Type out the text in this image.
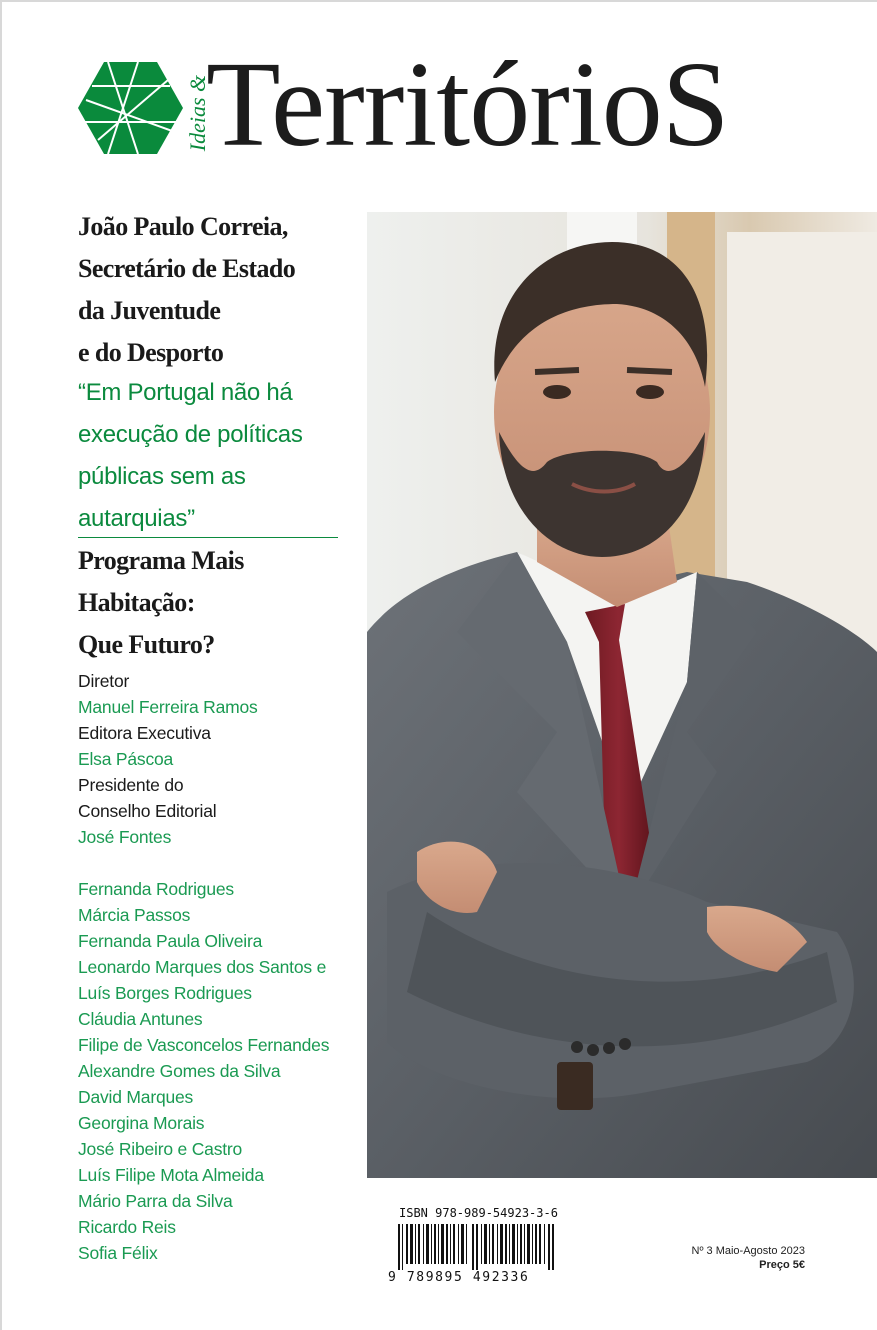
Ideias &
TerritórioS
João Paulo Correia,
Secretário de Estado
da Juventude
e do Desporto
“Em Portugal não há
execução de políticas
públicas sem as
autarquias”
Programa Mais
Habitação:
Que Futuro?
Diretor
Manuel Ferreira Ramos
Editora Executiva
Elsa Páscoa
Presidente do
Conselho Editorial
José Fontes
Fernanda Rodrigues
Márcia Passos
Fernanda Paula Oliveira
Leonardo Marques dos Santos e
Luís Borges Rodrigues
Cláudia Antunes
Filipe de Vasconcelos Fernandes
Alexandre Gomes da Silva
David Marques
Georgina Morais
José Ribeiro e Castro
Luís Filipe Mota Almeida
Mário Parra da Silva
Ricardo Reis
Sofia Félix
ISBN 978-989-54923-3-6
9 789895 492336
Nº 3 Maio-Agosto 2023
Preço 5€
